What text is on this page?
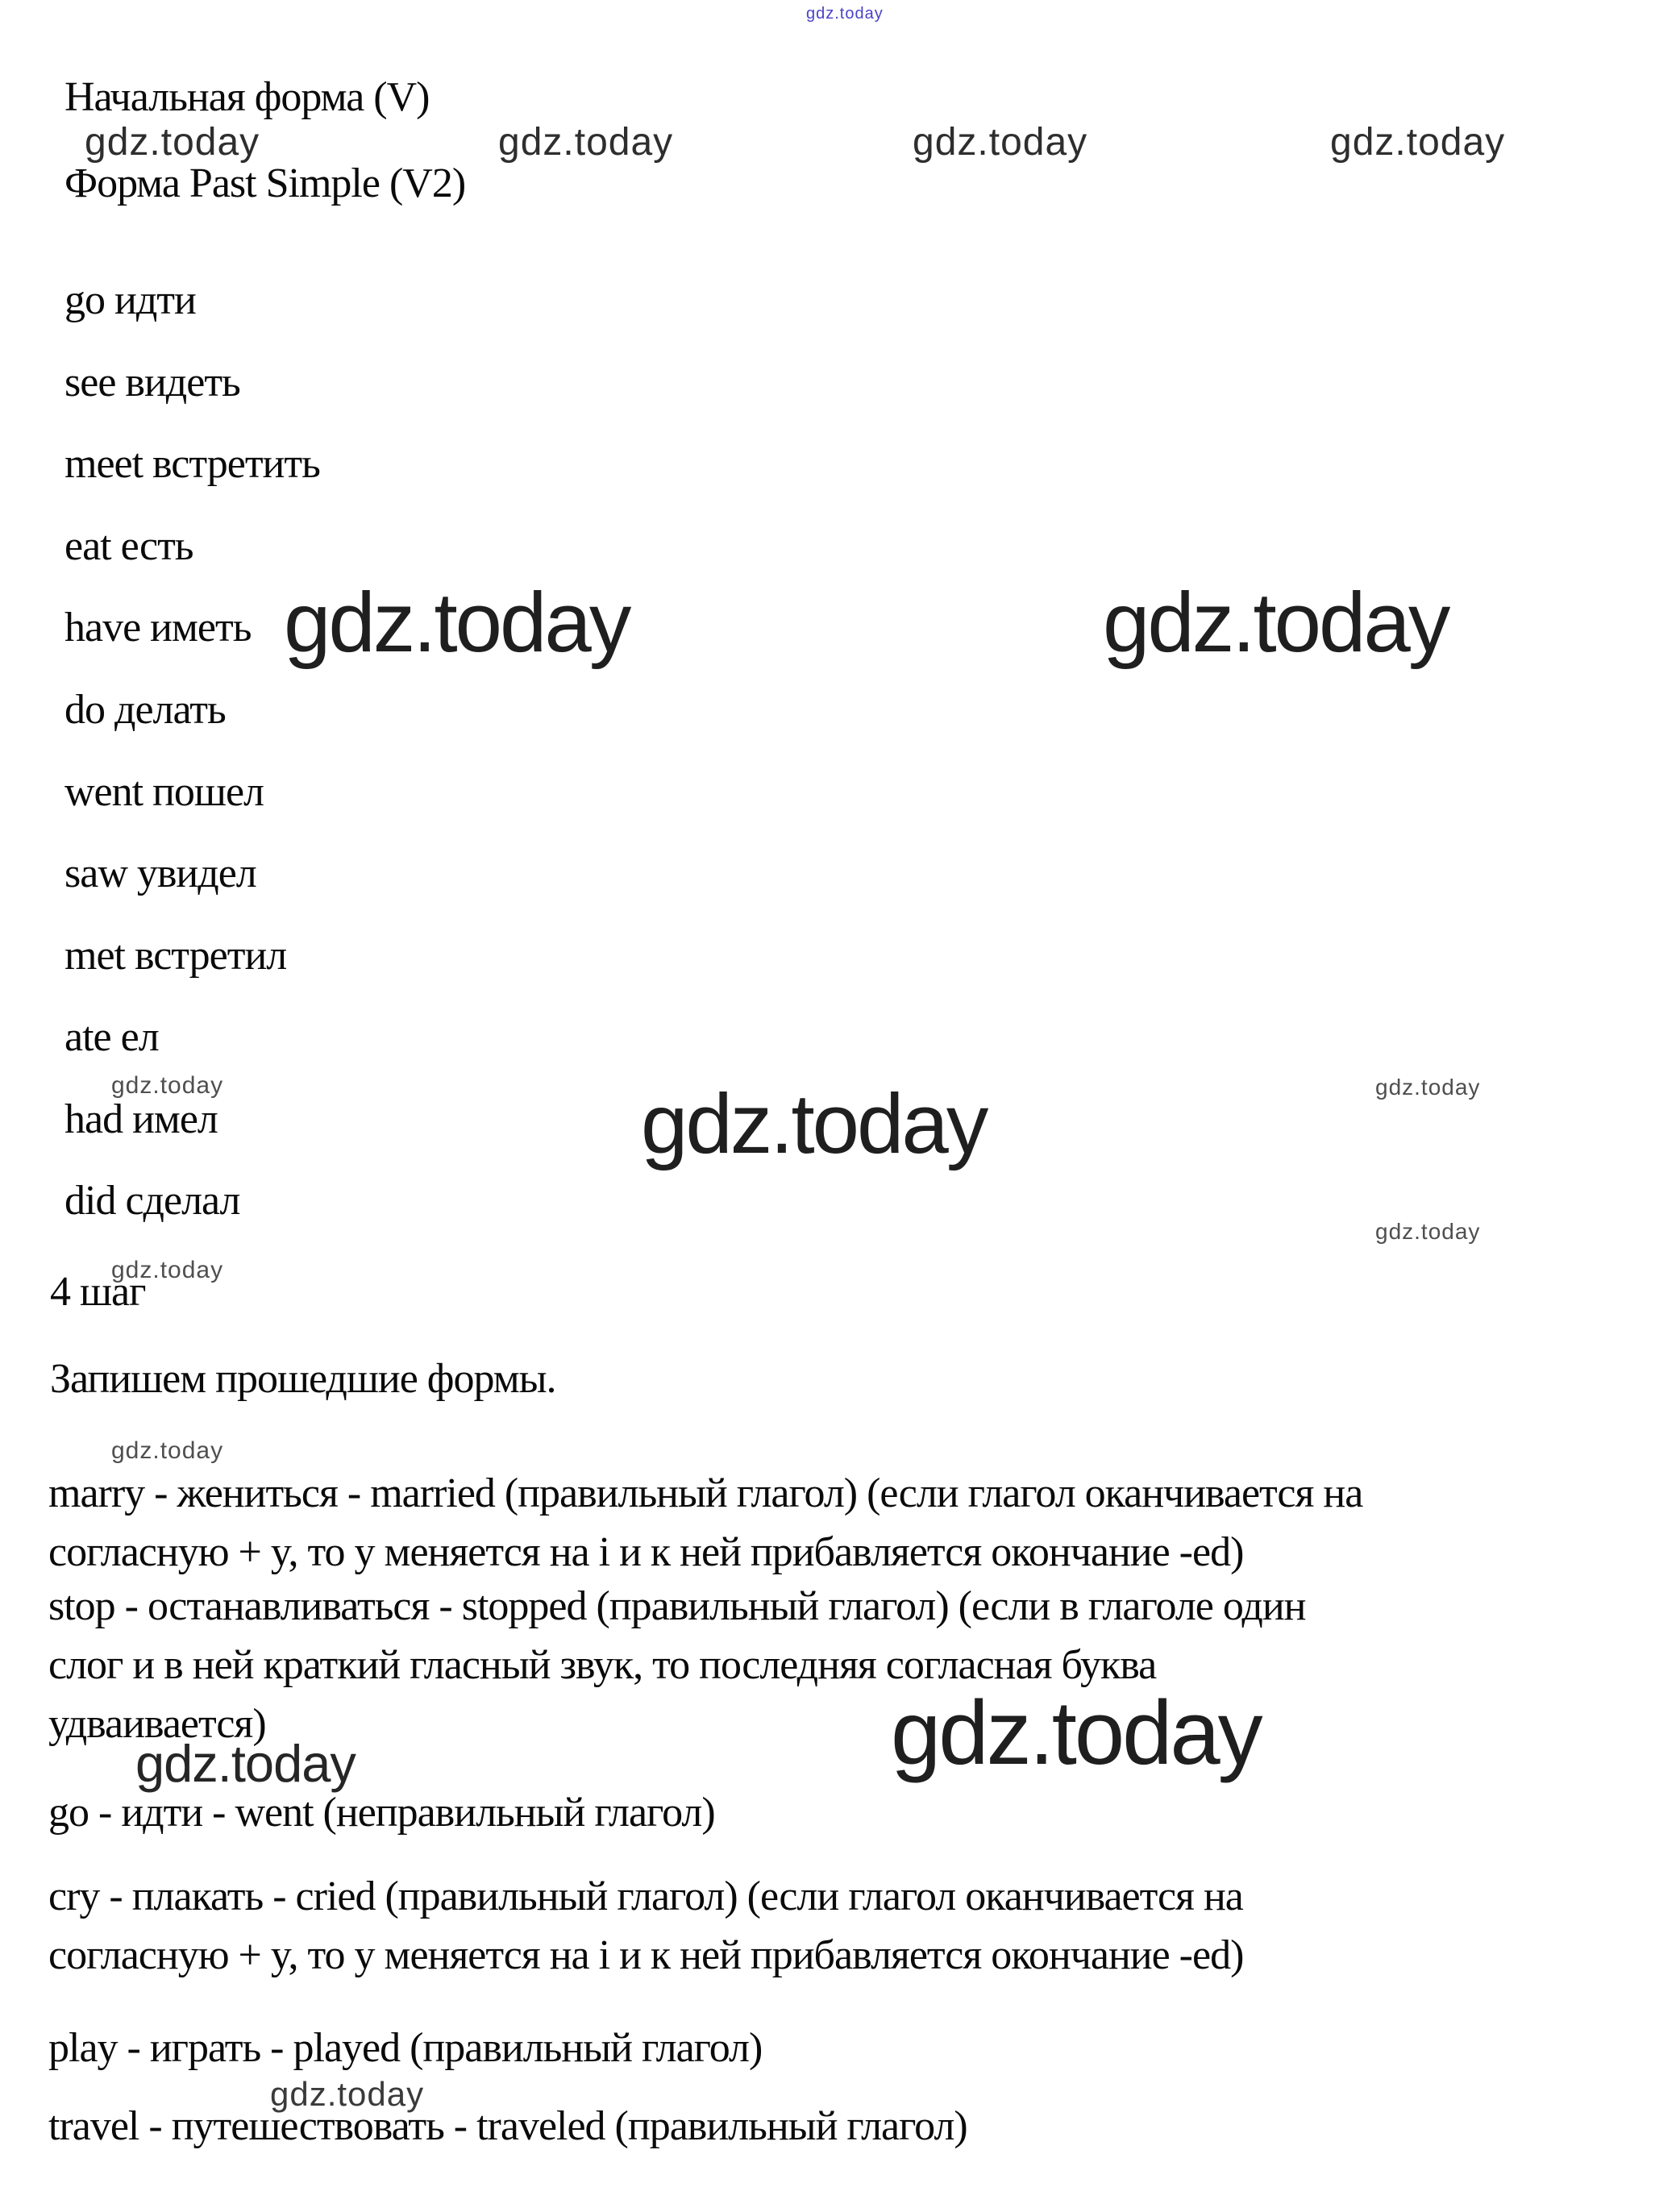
gdz.today
Начальная форма (V)
gdz.today	gdz.today	gdz.today	gdz.today
Форма Past Simple (V2)
go идти
see видеть
meet встретить
eat есть
have иметь
do делать
went пошел
saw увидел
met встретил
ate ел
had имел
did сделал
gdz.today	gdz.today
gdz.today	gdz.today	gdz.today
gdz.today
gdz.today
4 шаг
Запишем прошедшие формы.
gdz.today
marry - жениться - married (правильный глагол) (если глагол оканчивается на
согласную + y, то y меняется на i и к ней прибавляется окончание -ed)
stop - останавливаться - stopped (правильный глагол) (если в глаголе один
слог и в ней краткий гласный звук, то последняя согласная буква
удваивается)
go - идти - went (неправильный глагол)
cry - плакать - cried (правильный глагол) (если глагол оканчивается на
согласную + y, то y меняется на i и к ней прибавляется окончание -ed)
play - играть - played (правильный глагол)
travel - путешествовать - traveled (правильный глагол)
gdz.today	gdz.today
gdz.today
